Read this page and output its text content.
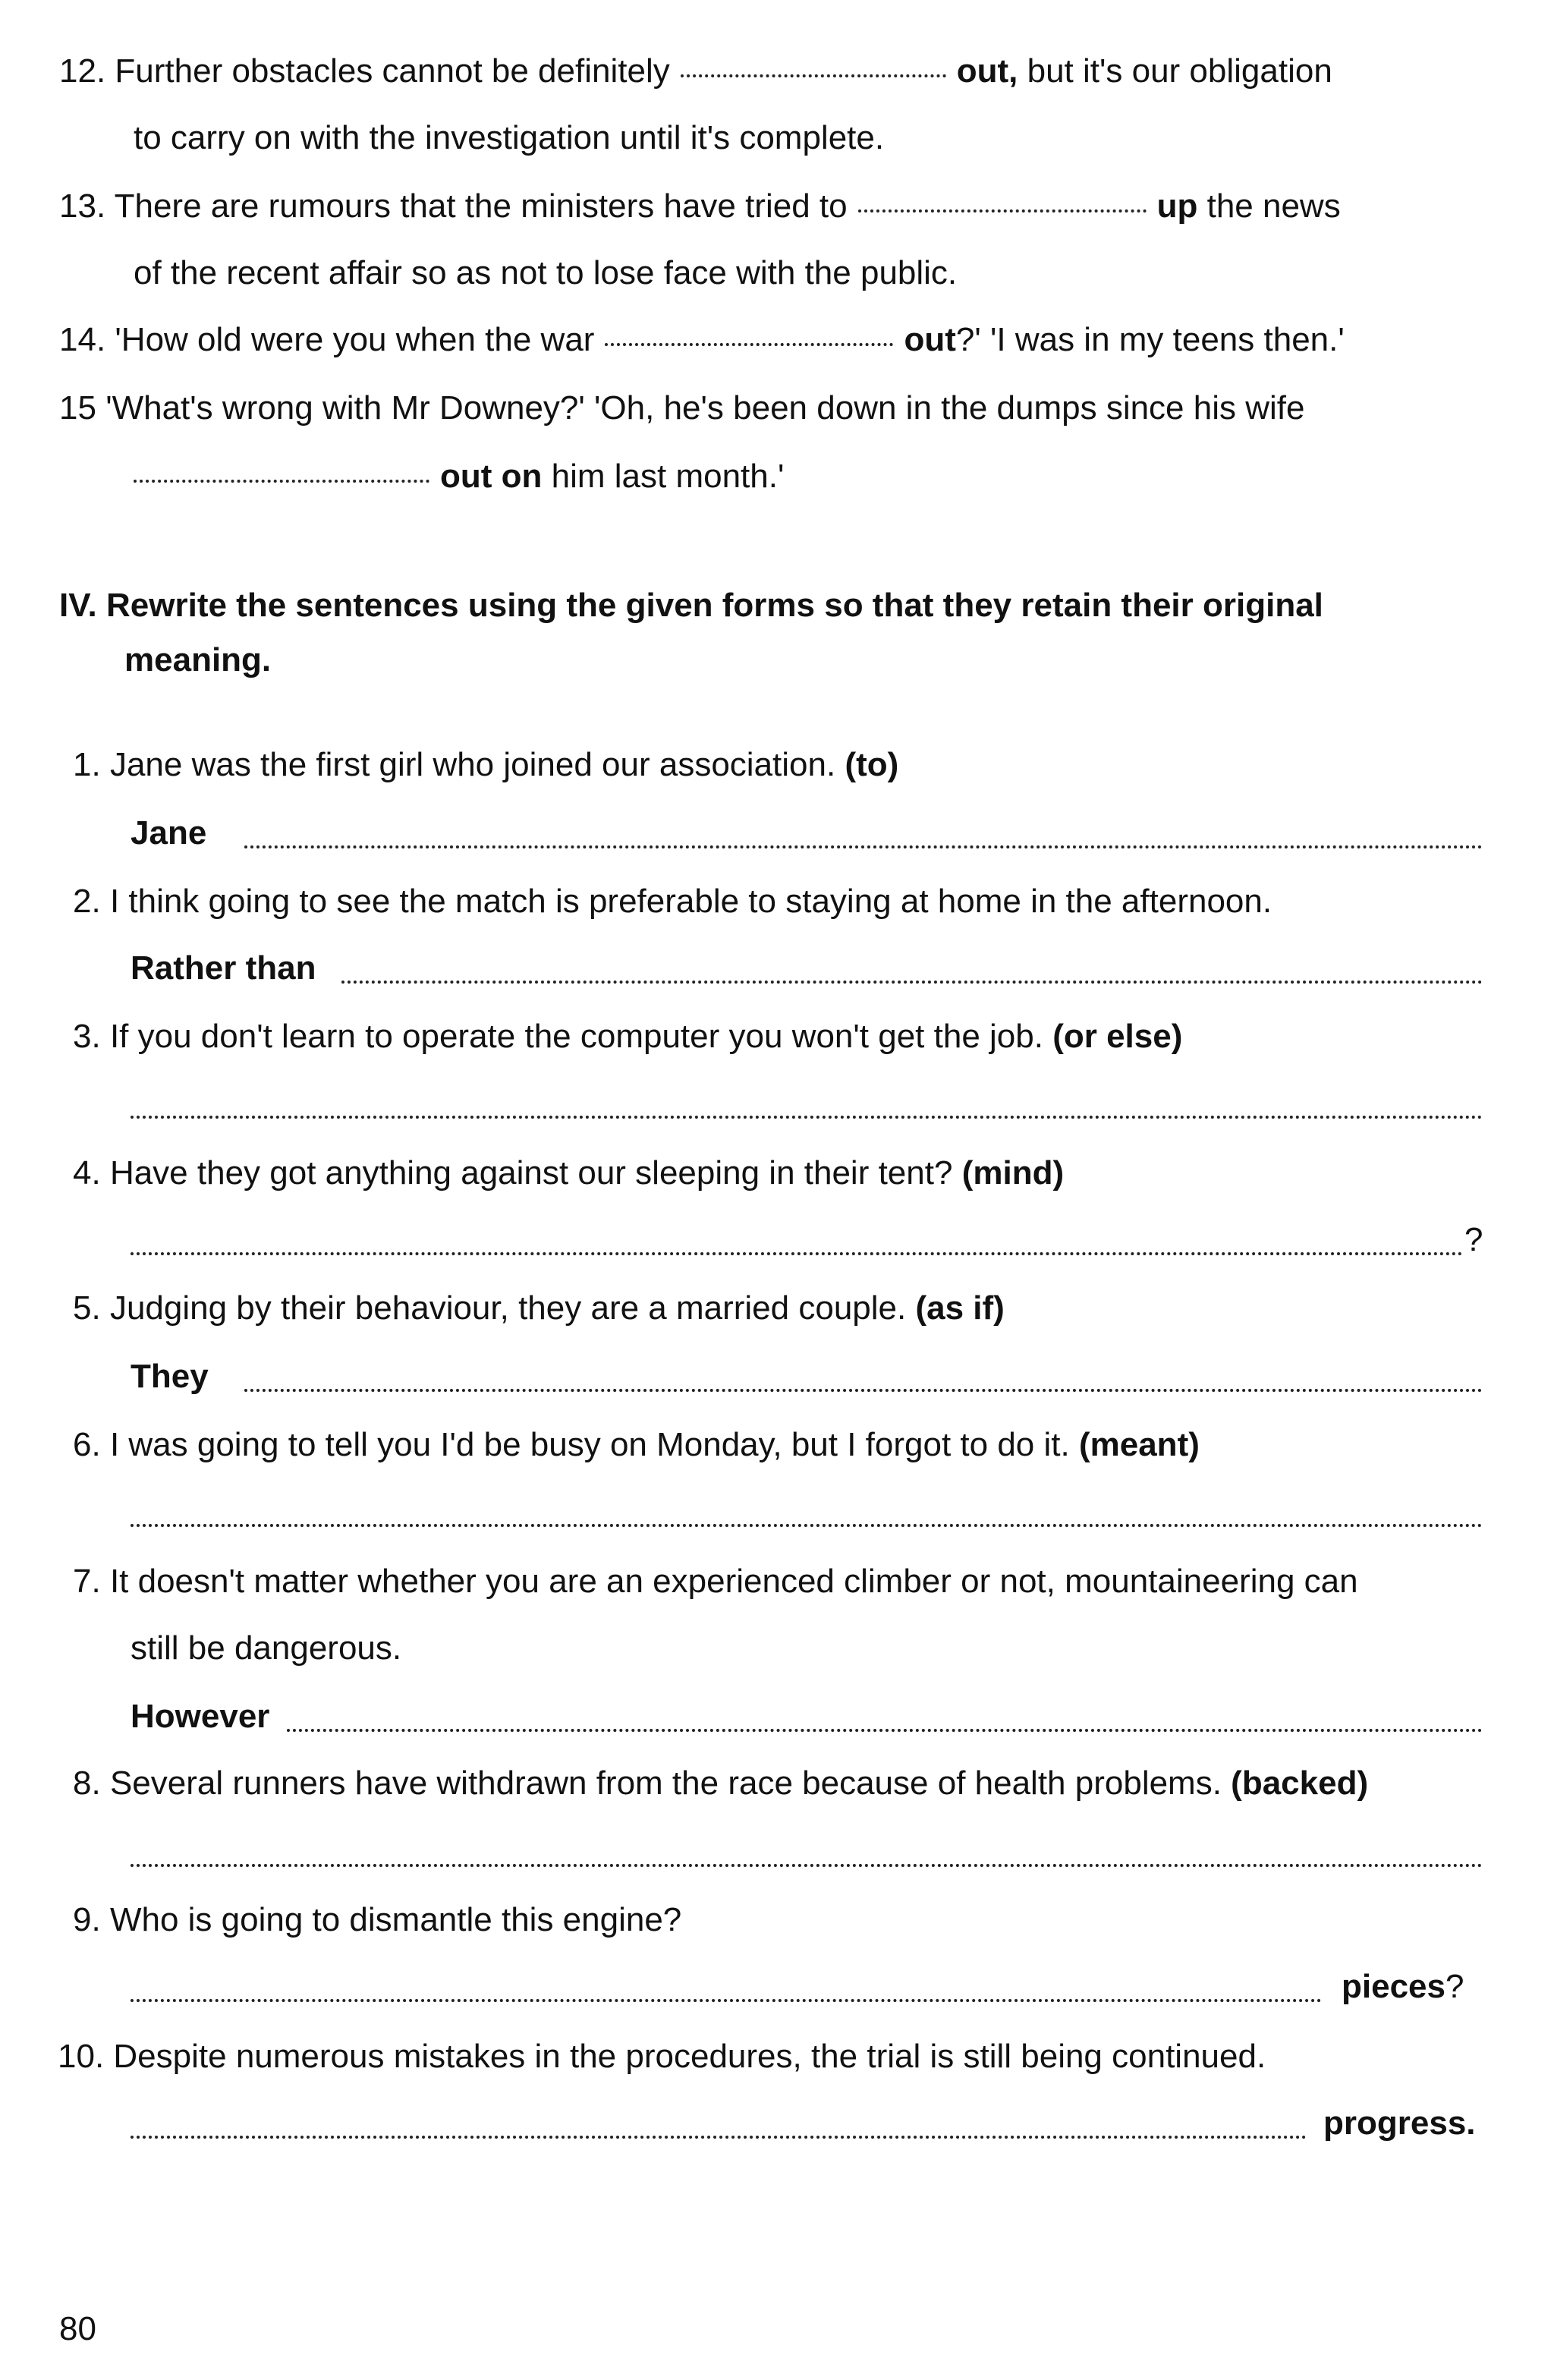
12. Further obstacles cannot be definitely	out, but it's our obligation
to carry on with the investigation until it's complete.
13. There are rumours that the ministers have tried to	up the news
of the recent affair so as not to lose face with the public.
14. 'How old were you when the war	out?' 'I was in my teens then.'
15 'What's wrong with Mr Downey?' 'Oh, he's been down in the dumps since his wife
out on him last month.'
IV. Rewrite the sentences using the given forms so that they retain their original
meaning.
1. Jane was the first girl who joined our association. (to)
Jane
2. I think going to see the match is preferable to staying at home in the afternoon.
Rather than
3. If you don't learn to operate the computer you won't get the job. (or else)
4. Have they got anything against our sleeping in their tent? (mind)
?
5. Judging by their behaviour, they are a married couple. (as if)
They
6. I was going to tell you I'd be busy on Monday, but I forgot to do it. (meant)
7. It doesn't matter whether you are an experienced climber or not, mountaineering can
still be dangerous.
However
8. Several runners have withdrawn from the race because of health problems. (backed)
9. Who is going to dismantle this engine?
pieces?
10. Despite numerous mistakes in the procedures, the trial is still being continued.
progress.
80
